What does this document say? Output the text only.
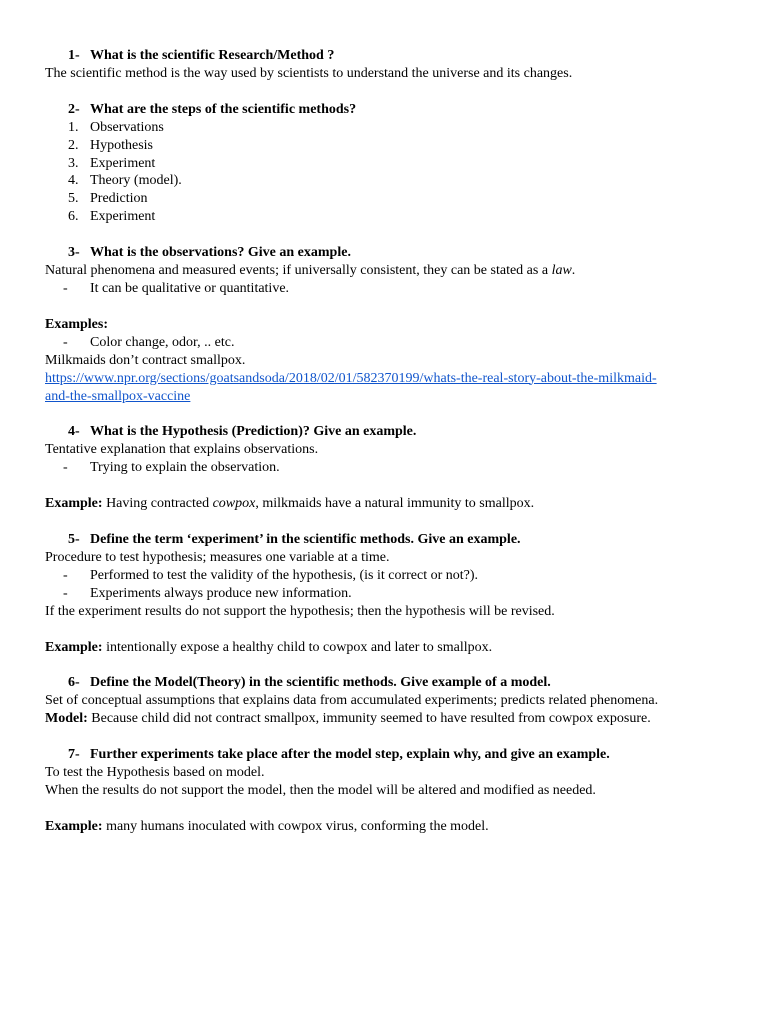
1- What is the scientific Research/Method ?
The scientific method is the way used by scientists to understand the universe and its changes.
2- What are the steps of the scientific methods?
1. Observations
2. Hypothesis
3. Experiment
4. Theory (model).
5. Prediction
6. Experiment
3- What is the observations? Give an example.
Natural phenomena and measured events; if universally consistent, they can be stated as a law.
-	It can be qualitative or quantitative.
Examples:
-	Color change, odor, .. etc.
Milkmaids don’t contract smallpox.
https://www.npr.org/sections/goatsandsoda/2018/02/01/582370199/whats-the-real-story-about-the-milkmaid-
and-the-smallpox-vaccine
4- What is the Hypothesis (Prediction)? Give an example.
Tentative explanation that explains observations.
-	Trying to explain the observation.
Example: Having contracted cowpox, milkmaids have a natural immunity to smallpox.
5- Define the term ‘experiment’ in the scientific methods. Give an example.
Procedure to test hypothesis; measures one variable at a time.
-	Performed to test the validity of the hypothesis, (is it correct or not?).
-	Experiments always produce new information.
If the experiment results do not support the hypothesis; then the hypothesis will be revised.
Example: intentionally expose a healthy child to cowpox and later to smallpox.
6- Define the Model(Theory) in the scientific methods. Give example of a model.
Set of conceptual assumptions that explains data from accumulated experiments; predicts related phenomena.
Model: Because child did not contract smallpox, immunity seemed to have resulted from cowpox exposure.
7- Further experiments take place after the model step, explain why, and give an example.
To test the Hypothesis based on model.
When the results do not support the model, then the model will be altered and modified as needed.
Example: many humans inoculated with cowpox virus, conforming the model.
